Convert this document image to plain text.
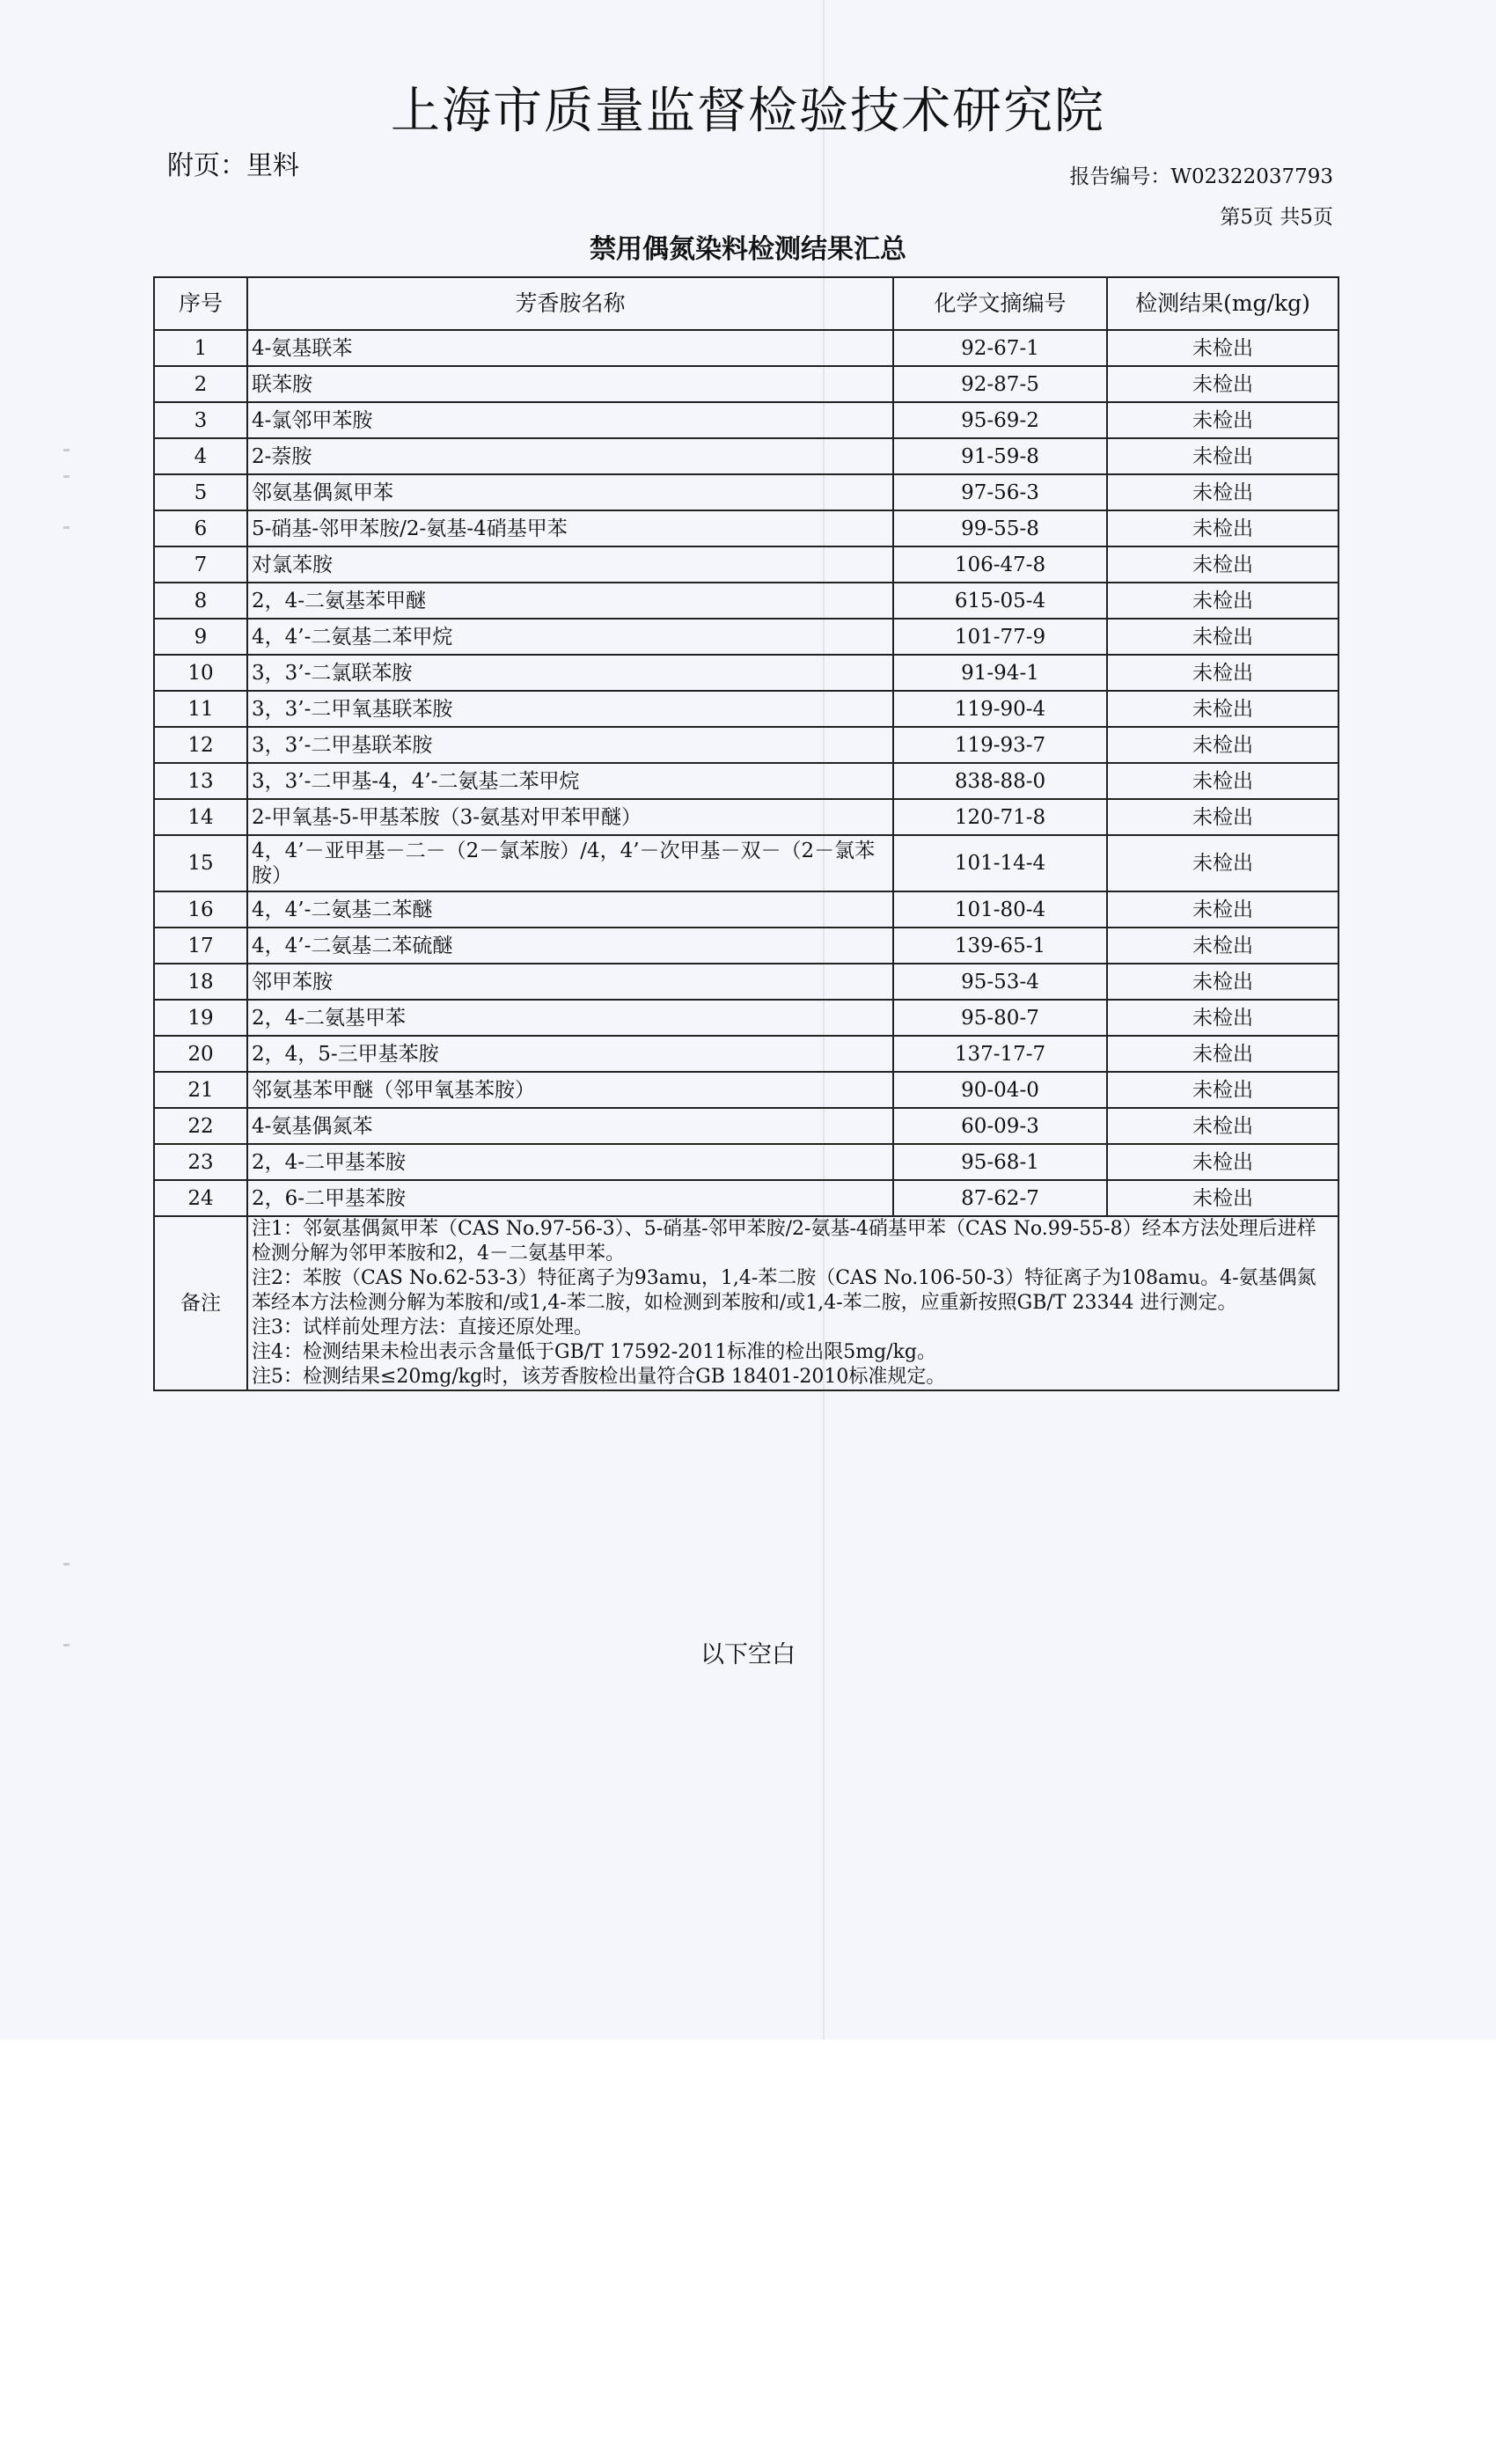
上海市质量监督检验技术研究院
附页：里料	报告编号：W02322037793
第5页 共5页
禁用偶氮染料检测结果汇总
序号	芳香胺名称	化学文摘编号	检测结果(mg/kg)
1	4-氨基联苯	92-67-1	未检出
2	联苯胺	92-87-5	未检出
3	4-氯邻甲苯胺	95-69-2	未检出
4	2-萘胺	91-59-8	未检出
5	邻氨基偶氮甲苯	97-56-3	未检出
6	5-硝基-邻甲苯胺/2-氨基-4硝基甲苯	99-55-8	未检出
7	对氯苯胺	106-47-8	未检出
8	2，4-二氨基苯甲醚	615-05-4	未检出
9	4，4’-二氨基二苯甲烷	101-77-9	未检出
10	3，3’-二氯联苯胺	91-94-1	未检出
11	3，3’-二甲氧基联苯胺	119-90-4	未检出
12	3，3’-二甲基联苯胺	119-93-7	未检出
13	3，3’-二甲基-4，4’-二氨基二苯甲烷	838-88-0	未检出
14	2-甲氧基-5-甲基苯胺（3-氨基对甲苯甲醚）	120-71-8	未检出
15	4，4’－亚甲基－二－（2－氯苯胺）/4，4’－次甲基－双－（2－氯苯胺）	101-14-4	未检出
16	4，4’-二氨基二苯醚	101-80-4	未检出
17	4，4’-二氨基二苯硫醚	139-65-1	未检出
18	邻甲苯胺	95-53-4	未检出
19	2，4-二氨基甲苯	95-80-7	未检出
20	2，4，5-三甲基苯胺	137-17-7	未检出
21	邻氨基苯甲醚（邻甲氧基苯胺）	90-04-0	未检出
22	4-氨基偶氮苯	60-09-3	未检出
23	2，4-二甲基苯胺	95-68-1	未检出
24	2，6-二甲基苯胺	87-62-7	未检出
备注	注1：邻氨基偶氮甲苯（CAS No.97-56-3）、5-硝基-邻甲苯胺/2-氨基-4硝基甲苯（CAS No.99-55-8）经本方法处理后进样检测分解为邻甲苯胺和2，4－二氨基甲苯。

注2：苯胺（CAS No.62-53-3）特征离子为93amu，1,4-苯二胺（CAS No.106-50-3）特征离子为108amu。4-氨基偶氮苯经本方法检测分解为苯胺和/或1,4-苯二胺，如检测到苯胺和/或1,4-苯二胺，应重新按照GB/T 23344 进行测定。

注3：试样前处理方法：直接还原处理。

注4：检测结果未检出表示含量低于GB/T 17592-2011标准的检出限5mg/kg。

注5：检测结果≤20mg/kg时，该芳香胺检出量符合GB 18401-2010标准规定。		

以下空白
